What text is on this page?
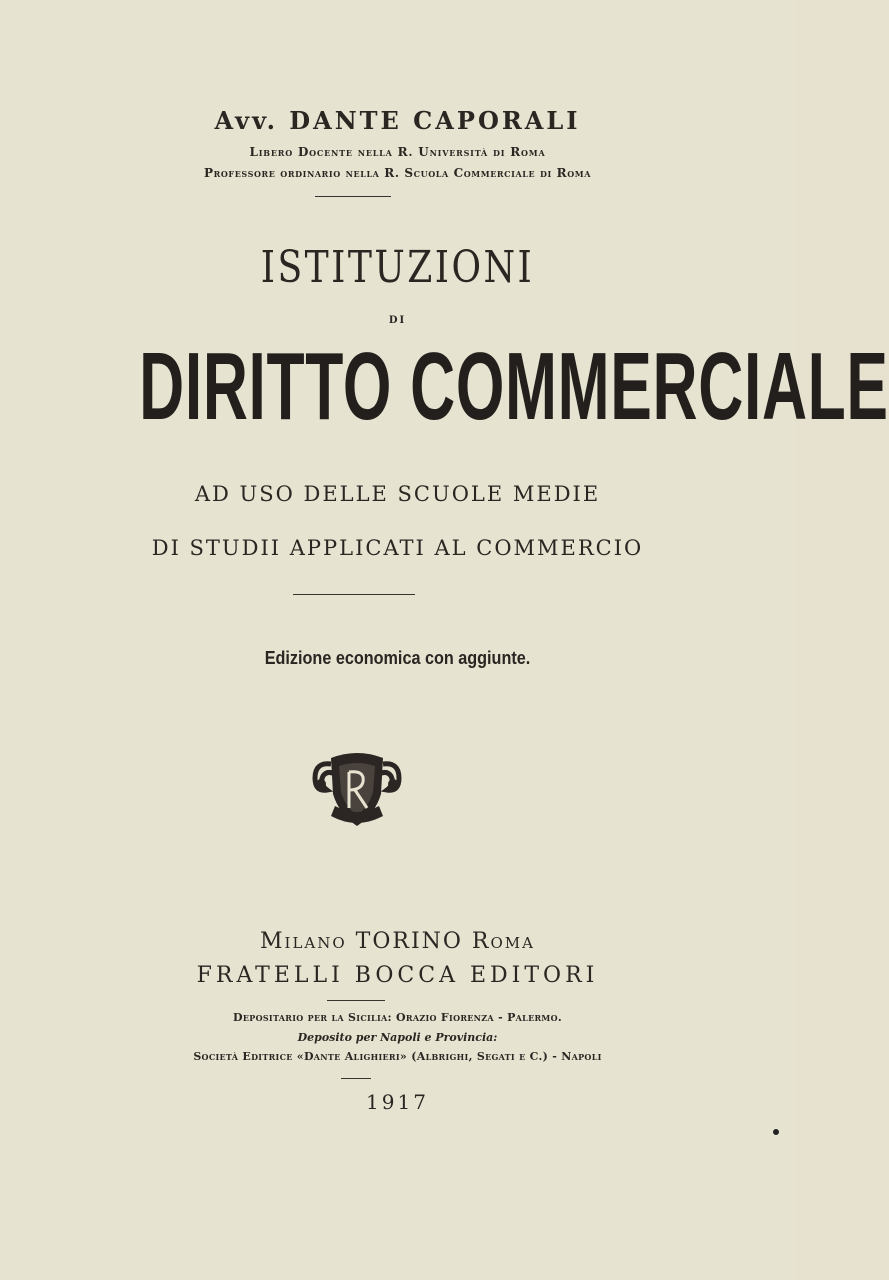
Avv. DANTE CAPORALI
Libero Docente nella R. Università di Roma
Professore ordinario nella R. Scuola Commerciale di Roma
ISTITUZIONI
DI
DIRITTO COMMERCIALE
AD USO DELLE SCUOLE MEDIE
DI STUDII APPLICATI AL COMMERCIO
Edizione economica con aggiunte.
Milano TORINO Roma
FRATELLI BOCCA EDITORI
Depositario per la Sicilia: Orazio Fiorenza - Palermo.
Deposito per Napoli e Provincia:
Società Editrice «Dante Alighieri» (Albrighi, Segati e C.) - Napoli
1917
